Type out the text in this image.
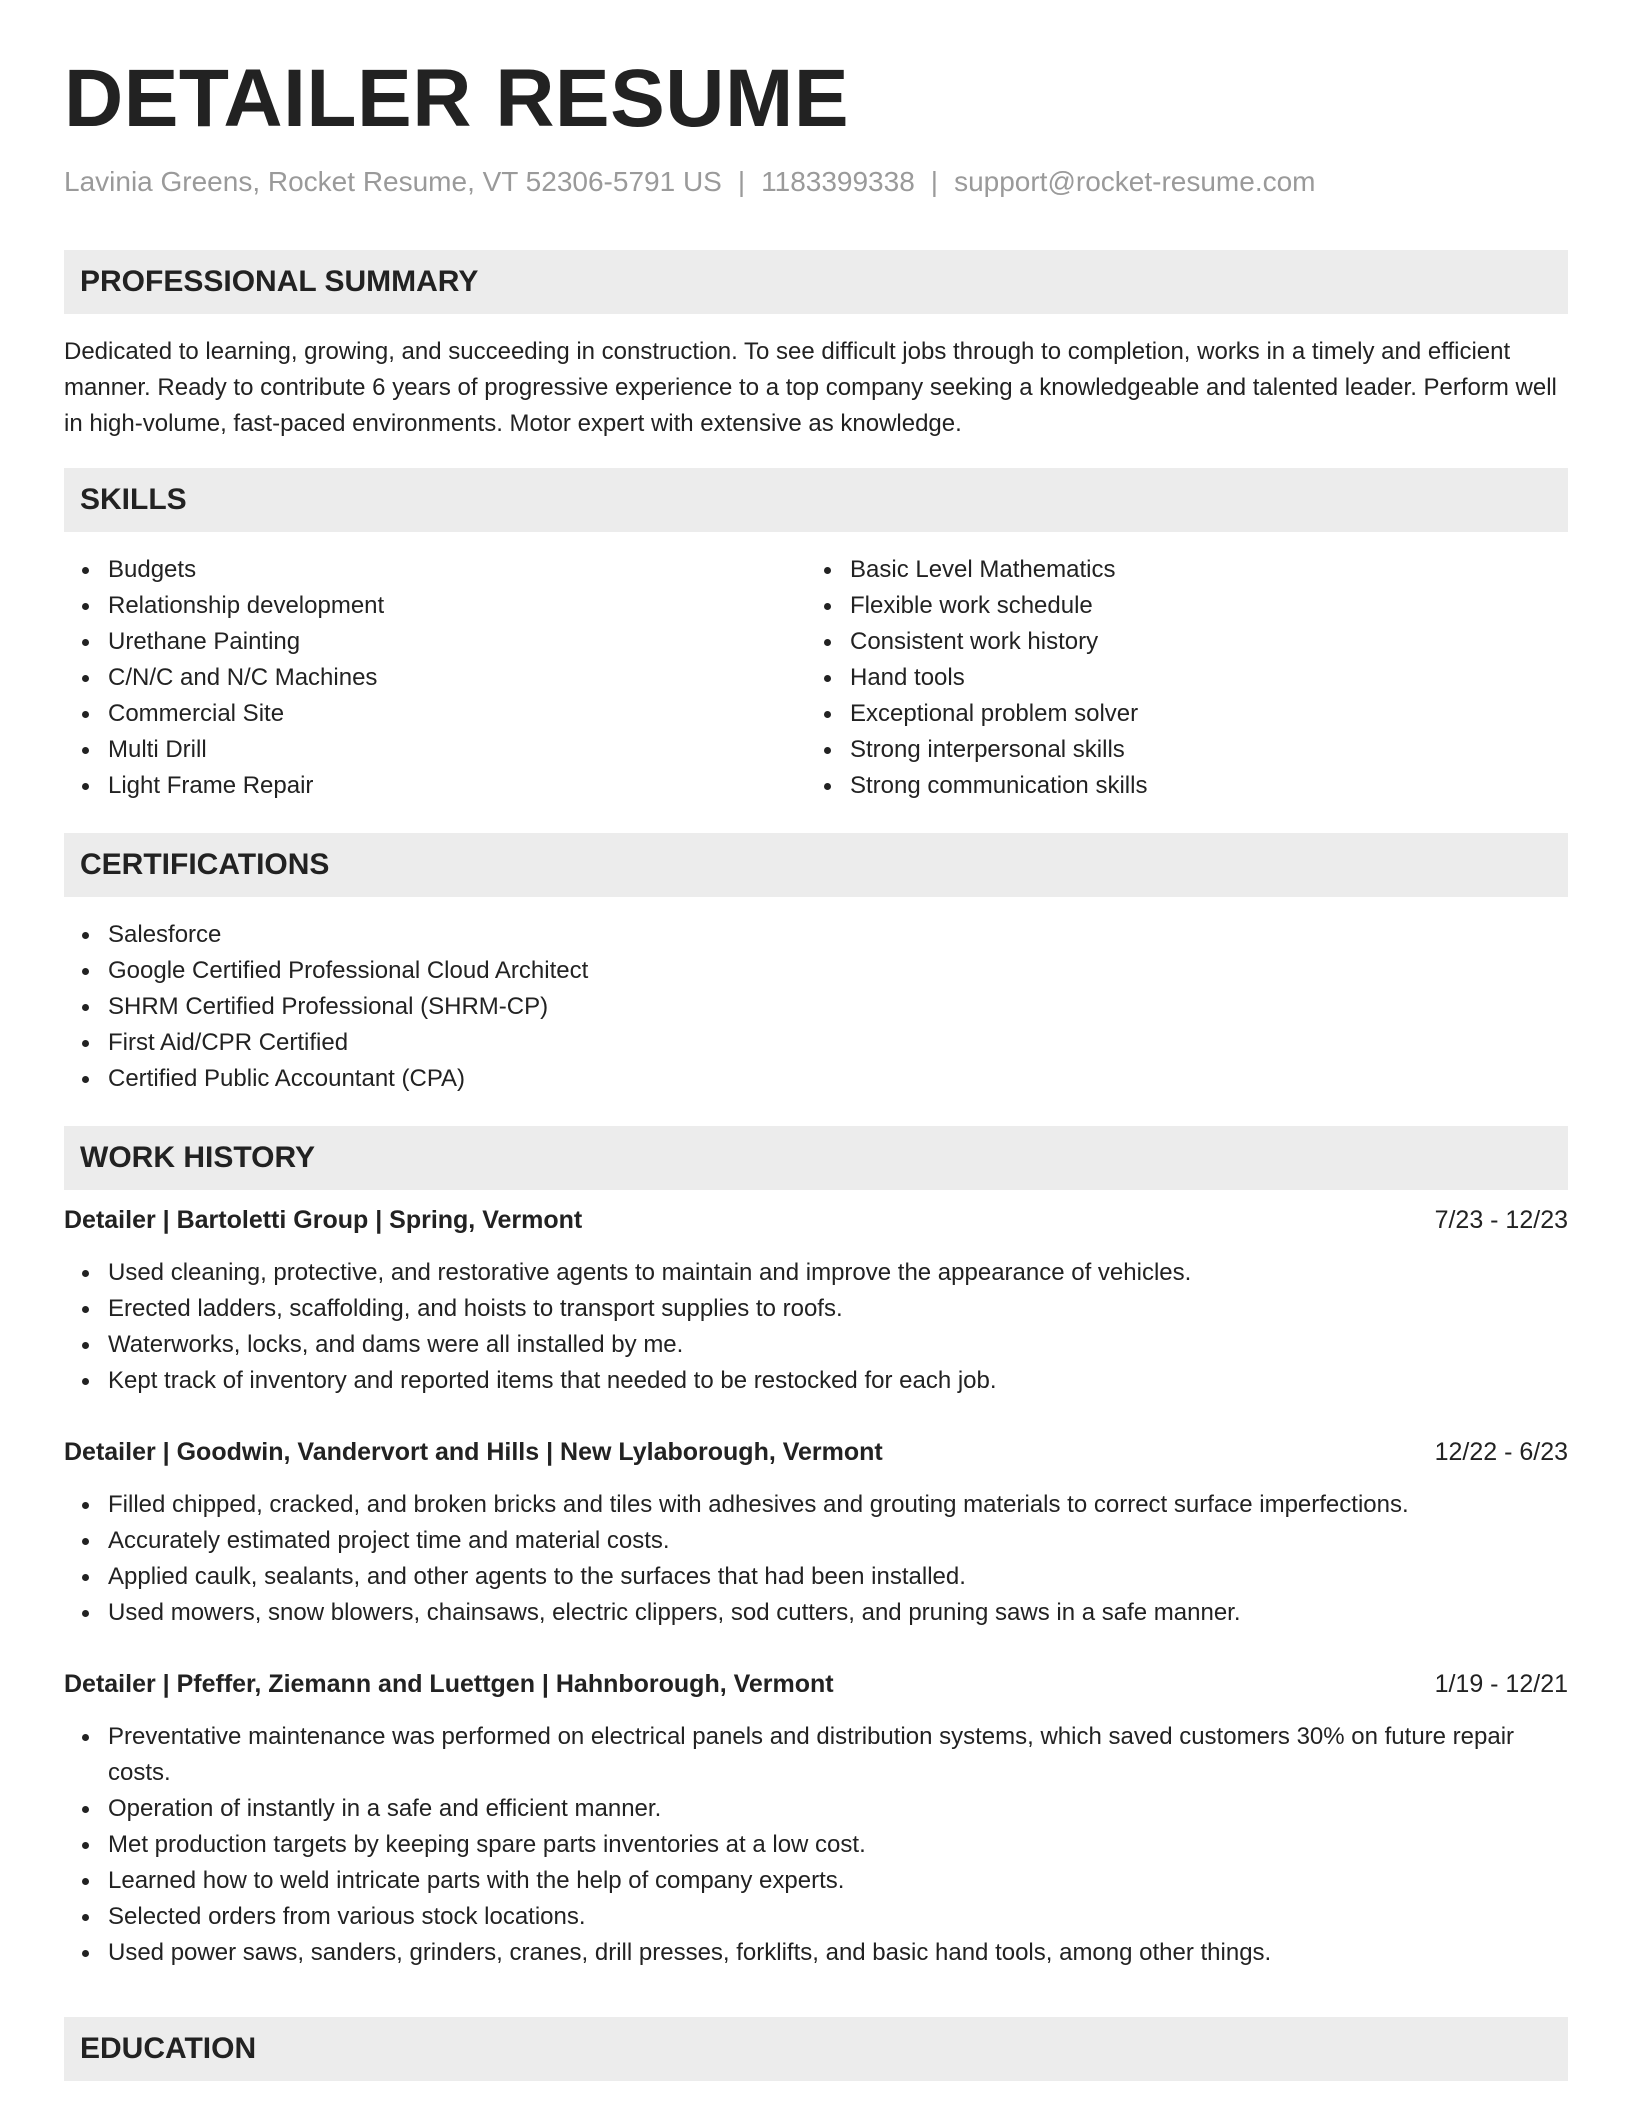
DETAILER RESUME
Lavinia Greens, Rocket Resume, VT 52306-5791 US | 1183399338 | support@rocket-resume.com
PROFESSIONAL SUMMARY
Dedicated to learning, growing, and succeeding in construction. To see difficult jobs through to completion, works in a timely and efficient manner. Ready to contribute 6 years of progressive experience to a top company seeking a knowledgeable and talented leader. Perform well in high-volume, fast-paced environments. Motor expert with extensive as knowledge.
SKILLS
Budgets
Relationship development
Urethane Painting
C/N/C and N/C Machines
Commercial Site
Multi Drill
Light Frame Repair
Basic Level Mathematics
Flexible work schedule
Consistent work history
Hand tools
Exceptional problem solver
Strong interpersonal skills
Strong communication skills
CERTIFICATIONS
Salesforce
Google Certified Professional Cloud Architect
SHRM Certified Professional (SHRM-CP)
First Aid/CPR Certified
Certified Public Accountant (CPA)
WORK HISTORY
Detailer | Bartoletti Group | Spring, Vermont	7/23 - 12/23
Used cleaning, protective, and restorative agents to maintain and improve the appearance of vehicles.
Erected ladders, scaffolding, and hoists to transport supplies to roofs.
Waterworks, locks, and dams were all installed by me.
Kept track of inventory and reported items that needed to be restocked for each job.
Detailer | Goodwin, Vandervort and Hills | New Lylaborough, Vermont	12/22 - 6/23
Filled chipped, cracked, and broken bricks and tiles with adhesives and grouting materials to correct surface imperfections.
Accurately estimated project time and material costs.
Applied caulk, sealants, and other agents to the surfaces that had been installed.
Used mowers, snow blowers, chainsaws, electric clippers, sod cutters, and pruning saws in a safe manner.
Detailer | Pfeffer, Ziemann and Luettgen | Hahnborough, Vermont	1/19 - 12/21
Preventative maintenance was performed on electrical panels and distribution systems, which saved customers 30% on future repair costs.
Operation of instantly in a safe and efficient manner.
Met production targets by keeping spare parts inventories at a low cost.
Learned how to weld intricate parts with the help of company experts.
Selected orders from various stock locations.
Used power saws, sanders, grinders, cranes, drill presses, forklifts, and basic hand tools, among other things.
EDUCATION
